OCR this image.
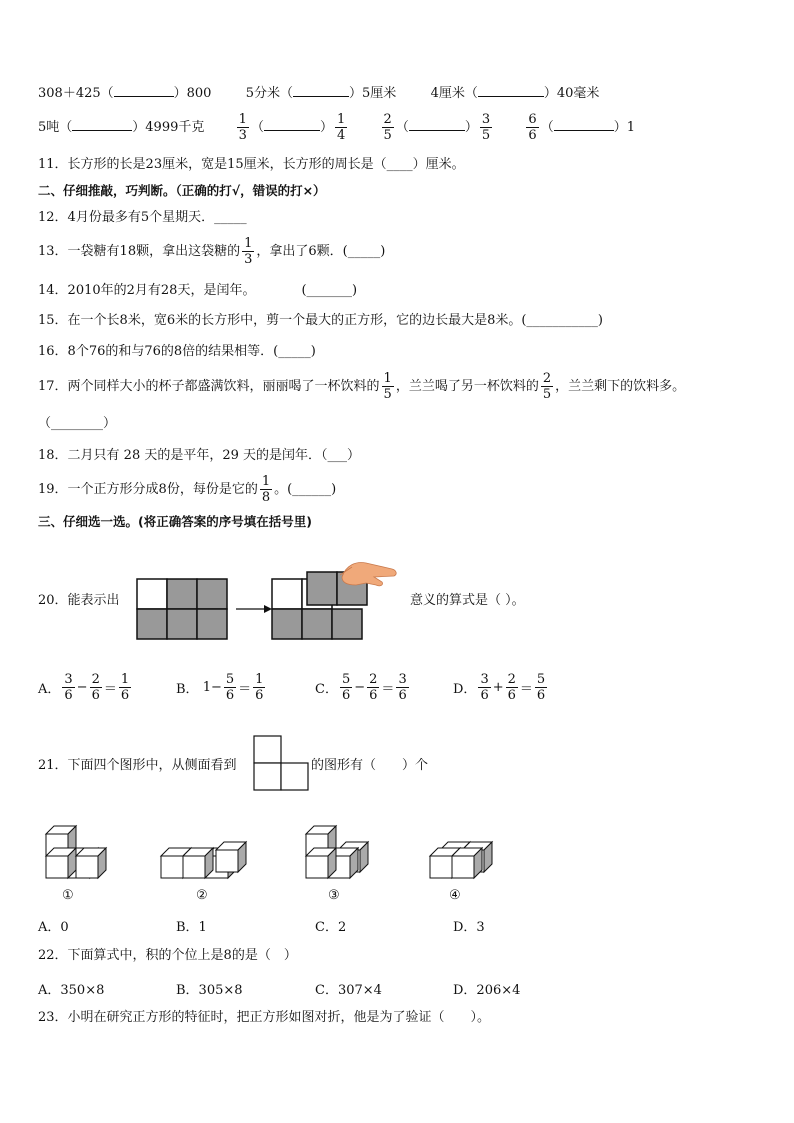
308＋425（	）800	5分米（	）5厘米	4厘米（	）40毫米
5吨（	）4999千克 $\frac{1}{3}$ （	） $\frac{1}{4}$
	$\frac{2}{5}$ （	） $\frac{3}{5}$
	$\frac{6}{6}$ （	）1
11．长方形的长是23厘米，宽是15厘米，长方形的周长是（____）厘米。
二、仔细推敲，巧判断。（正确的打√，错误的打×）
12．4月份最多有5个星期天．_____
13．一袋糖有18颗，拿出这袋糖的 $\frac{1}{3}$ ，拿出了6颗．(_____)
14．2010年的2月有28天，是闰年。	(_______)
15．在一个长8米，宽6米的长方形中，剪一个最大的正方形，它的边长最大是8米。(___________)
16．8个76的和与76的8倍的结果相等．(_____)
17．两个同样大小的杯子都盛满饮料，丽丽喝了一杯饮料的 $\frac{1}{5}$ ，兰兰喝了另一杯饮料的 $\frac{2}{5}$ ，兰兰剩下的饮料多。
（________）
18．二月只有 28 天的是平年，29 天的是闰年．（___）
19．一个正方形分成8份，每份是它的 $\frac{1}{8}$ 。(______)
三、仔细选一选。(将正确答案的序号填在括号里)
20．能表示出	意义的算式是（ ）。
A． $\frac{3}{6} - \frac{2}{6} = \frac{1}{6}$	B．
$1- \frac{5}{6} = \frac{1}{6}$	C． $\frac{5}{6} - \frac{2}{6} = \frac{3}{6}$	D． $\frac{3}{6} + \frac{2}{6} = \frac{5}{6}$
21．下面四个图形中，从侧面看到	的图形有（　　）个
①	②	③	④
A．0	B．1	C．2	D．3
22．下面算式中，积的个位上是8的是（　）
A．350×8	B．305×8	C．307×4	D．206×4
23．小明在研究正方形的特征时，把正方形如图对折，他是为了验证（　　）。
